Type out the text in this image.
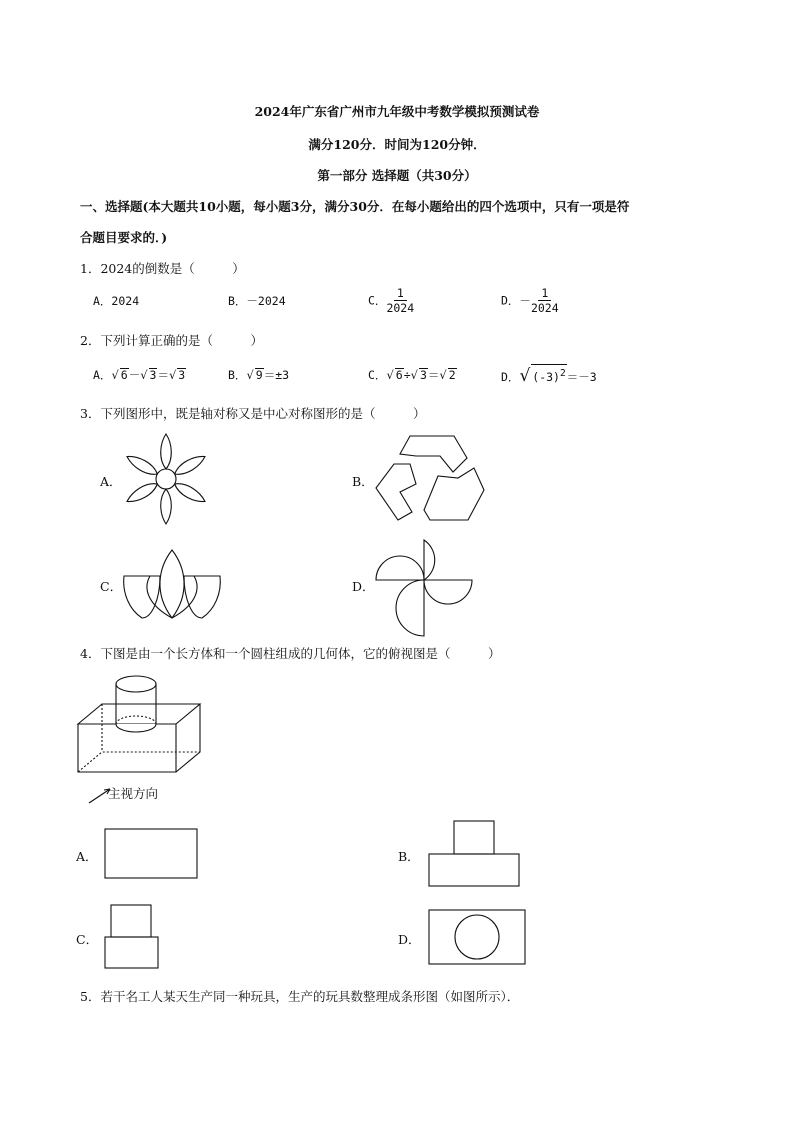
2024年广东省广州市九年级中考数学模拟预测试卷
满分120分．时间为120分钟．
第一部分 选择题（共30分）
一、选择题(本大题共10小题，每小题3分，满分30分．在每小题给出的四个选项中，只有一项是符
合题目要求的．)
1．2024的倒数是（　　　）
A．2024	B．－2024	C． $\frac{1}{2024}$	D．－ $\frac{1}{2024}$
2．下列计算正确的是（　　　）
A．√ 6－√ 3＝√ 3	B．√ 9＝±3	C．√ 6÷√ 3＝√ 2	D．√ $(-3)^2=-3$
3．下列图形中，既是轴对称又是中心对称图形的是（　　　）
A．	B．
C．	D．
4．下图是由一个长方体和一个圆柱组成的几何体，它的俯视图是（　　　）
主视方向
A．	B．
C．	D．
5．若干名工人某天生产同一种玩具，生产的玩具数整理成条形图（如图所示）．
